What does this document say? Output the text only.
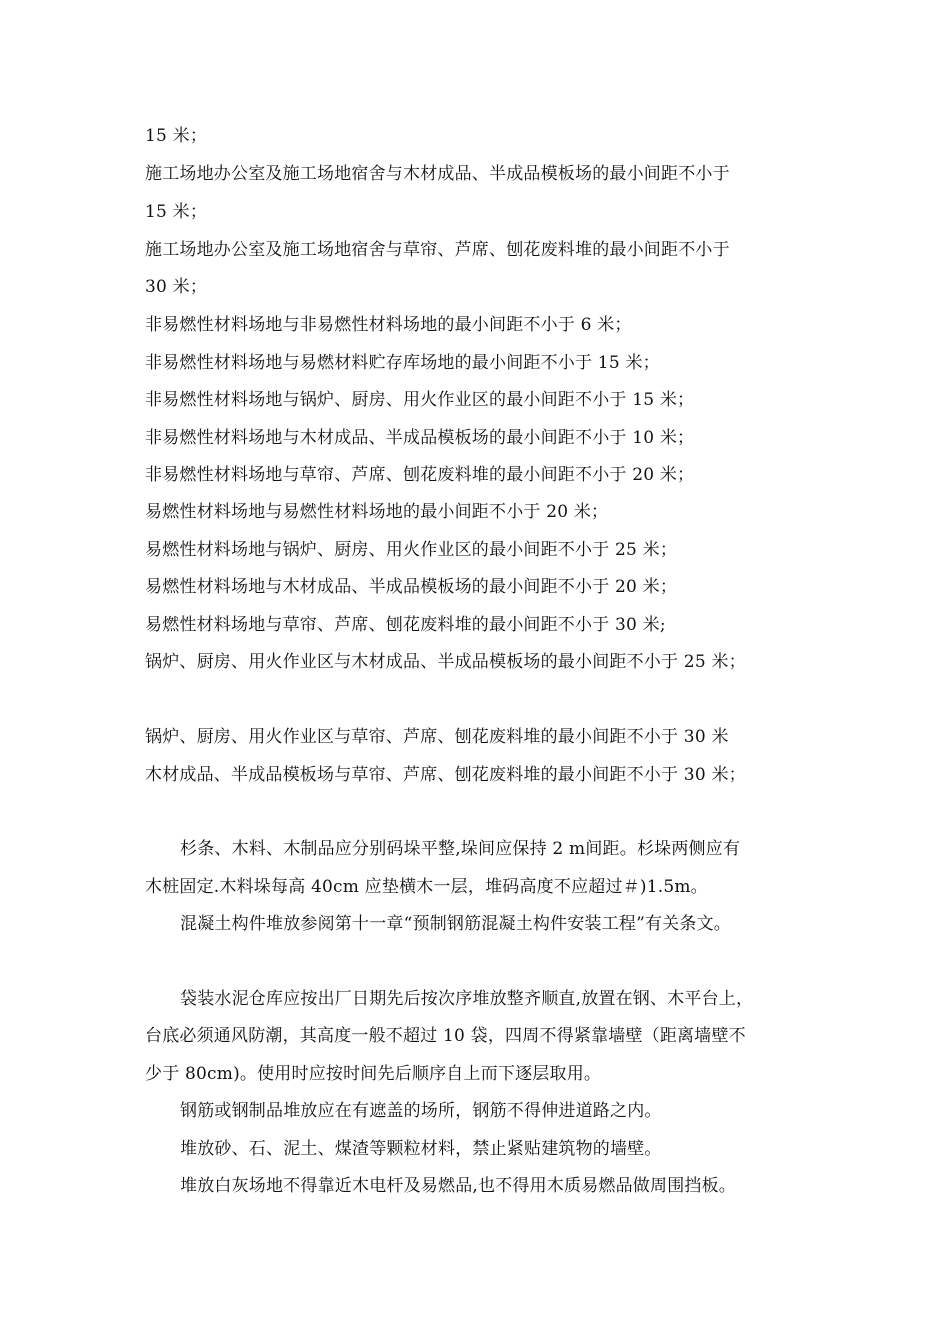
15 米；
施工场地办公室及施工场地宿舍与木材成品、半成品模板场的最小间距不小于
15 米；
施工场地办公室及施工场地宿舍与草帘、芦席、刨花废料堆的最小间距不小于
30 米；
非易燃性材料场地与非易燃性材料场地的最小间距不小于 6 米；
非易燃性材料场地与易燃材料贮存库场地的最小间距不小于 15 米；
非易燃性材料场地与锅炉、厨房、用火作业区的最小间距不小于 15 米；
非易燃性材料场地与木材成品、半成品模板场的最小间距不小于 10 米；
非易燃性材料场地与草帘、芦席、刨花废料堆的最小间距不小于 20 米；
易燃性材料场地与易燃性材料场地的最小间距不小于 20 米；
易燃性材料场地与锅炉、厨房、用火作业区的最小间距不小于 25 米；
易燃性材料场地与木材成品、半成品模板场的最小间距不小于 20 米；
易燃性材料场地与草帘、芦席、刨花废料堆的最小间距不小于 30 米;
锅炉、厨房、用火作业区与木材成品、半成品模板场的最小间距不小于 25 米；
锅炉、厨房、用火作业区与草帘、芦席、刨花废料堆的最小间距不小于 30 米
木材成品、半成品模板场与草帘、芦席、刨花废料堆的最小间距不小于 30 米；
杉条、木料、木制品应分别码垛平整,垛间应保持 2 m间距。杉垛两侧应有
木桩固定.木料垛每高 40cm 应垫横木一层，堆码高度不应超过＃)1.5m。
混凝土构件堆放参阅第十一章“预制钢筋混凝土构件安装工程”有关条文。
袋装水泥仓库应按出厂日期先后按次序堆放整齐顺直,放置在钢、木平台上，
台底必须通风防潮，其高度一般不超过 10 袋，四周不得紧靠墙壁（距离墙壁不
少于 80cm)。使用时应按时间先后顺序自上而下逐层取用。
钢筋或钢制品堆放应在有遮盖的场所，钢筋不得伸进道路之内。
堆放砂、石、泥土、煤渣等颗粒材料，禁止紧贴建筑物的墙壁。
堆放白灰场地不得靠近木电杆及易燃品,也不得用木质易燃品做周围挡板。
